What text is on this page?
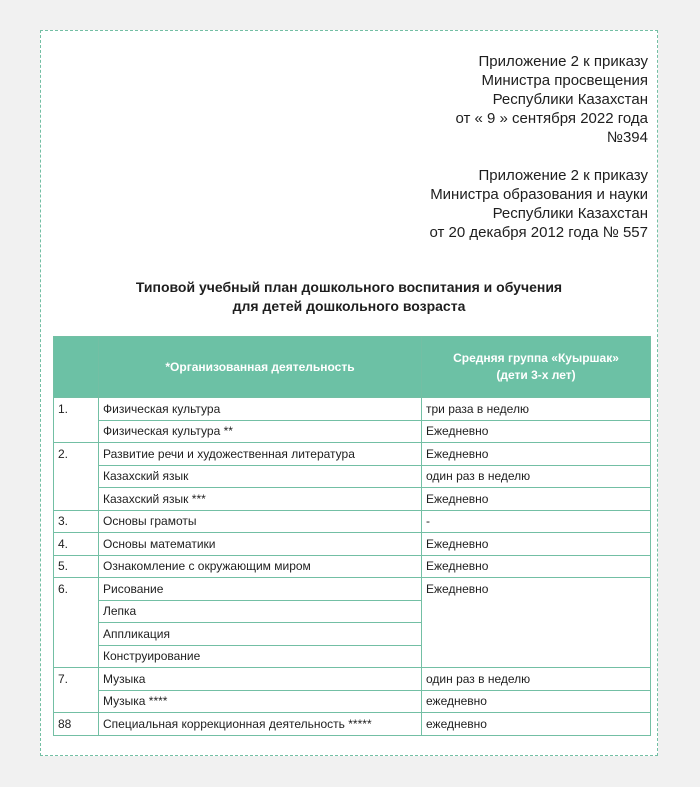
Приложение 2 к приказу
Министра просвещения
Республики Казахстан
от « 9 » сентября 2022 года
№394
Приложение 2 к приказу
Министра образования и науки
Республики Казахстан
от 20 декабря 2012 года № 557
Типовой учебный план дошкольного воспитания и обучения
для детей дошкольного возраста
	*Организованная деятельность	Средняя группа «Куыршак»
(дети 3-х лет)

1.	Физическая культура	три раза в неделю
	Физическая культура **	Ежедневно
2.	Развитие речи и художественная литература	Ежедневно
	Казахский язык	один раз в неделю
	Казахский язык ***	Ежедневно
3.	Основы грамоты	-
4.	Основы математики	Ежедневно
5.	Ознакомление с окружающим миром	Ежедневно
6.	Рисование	Ежедневно
	Лепка	
	Аппликация	
	Конструирование	
7.	Музыка	один раз в неделю
	Музыка ****	ежедневно
88	Специальная коррекционная деятельность *****	ежедневно
